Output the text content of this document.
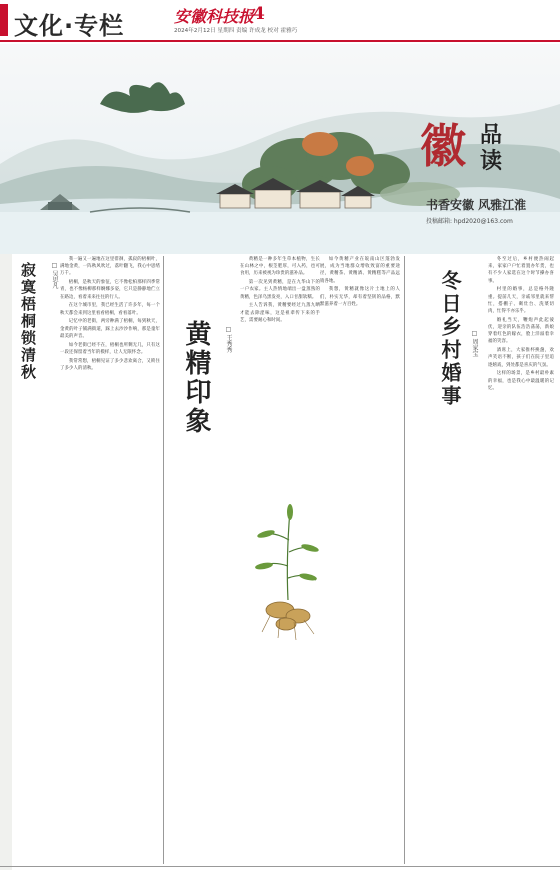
文化·专栏	安徽科技报
4
2024年2月12日 星期四 责编 许成龙 校对 霍雅巧
徽 品
读
书香安徽 风雅江淮
投稿邮箱: hpd2020@163.com
寂寞梧桐锁清秋	□ 吴思凡

我一遍又一遍地在这里徘徊，孤寂的梧桐叶，满地金黄，一阵秋风吹过，落叶翻飞，我心中思绪万千。

梧桐，是秋天的象征，它不像松柏那样四季常青，也不像杨柳那样婀娜多姿，它只是静静地伫立在路边，看着来来往往的行人。

在这个城市里，我已经生活了许多年，每一个秋天都会来到这里看看梧桐，看看落叶。

记忆中的老街，两旁种满了梧桐，每到秋天，金黄的叶子铺满街道，踩上去沙沙作响，那是童年最美的声音。

如今老街已经不在，梧桐也所剩无几，只有这一段还保留着当年的模样，让人无限怀念。

我常常想，梧桐见证了多少悲欢离合，又锁住了多少人的清秋。	黄精印象	□ 王秀秀

黄精是一种多年生草本植物，生长在山林之中，根茎肥厚，可入药，也可食用，历来被视为珍贵的滋补品。

第一次见到黄精，是在九华山下的一户农家。主人热情地端出一盘蒸熟的黄精，色泽乌黑发亮，入口甘甜软糯。

主人告诉我，黄精要经过九蒸九晒才能去除涩味，这是祖辈传下来的手艺，需要耐心和时间。

如今黄精产业在皖南山区蓬勃发展，成为当地群众增收致富的重要途径，黄精茶、黄精酒、黄精糕等产品远销各地。

我想，黄精就像这片土地上的人们，朴实无华，却有着坚韧的品格，默默滋养着一方百姓。	冬日乡村婚事	□ 周家宝

冬至过后，乡村便热闹起来，家家户户忙着置办年货，也有不少人家选在这个时节操办喜事。

村里的婚事，总是格外隆重。提前几天，亲戚邻里就来帮忙，搭棚子、砌灶台、洗菜切肉，忙得不亦乐乎。

婚礼当天，鞭炮声此起彼伏，迎亲的队伍浩浩荡荡，新娘穿着红色的嫁衣，脸上洋溢着幸福的笑容。

酒席上，大家推杯换盏，欢声笑语不断，孩子们在院子里追逐嬉戏，到处都是喜庆的气氛。

这样的场景，是乡村最朴素的幸福，也是我心中最温暖的记忆。
